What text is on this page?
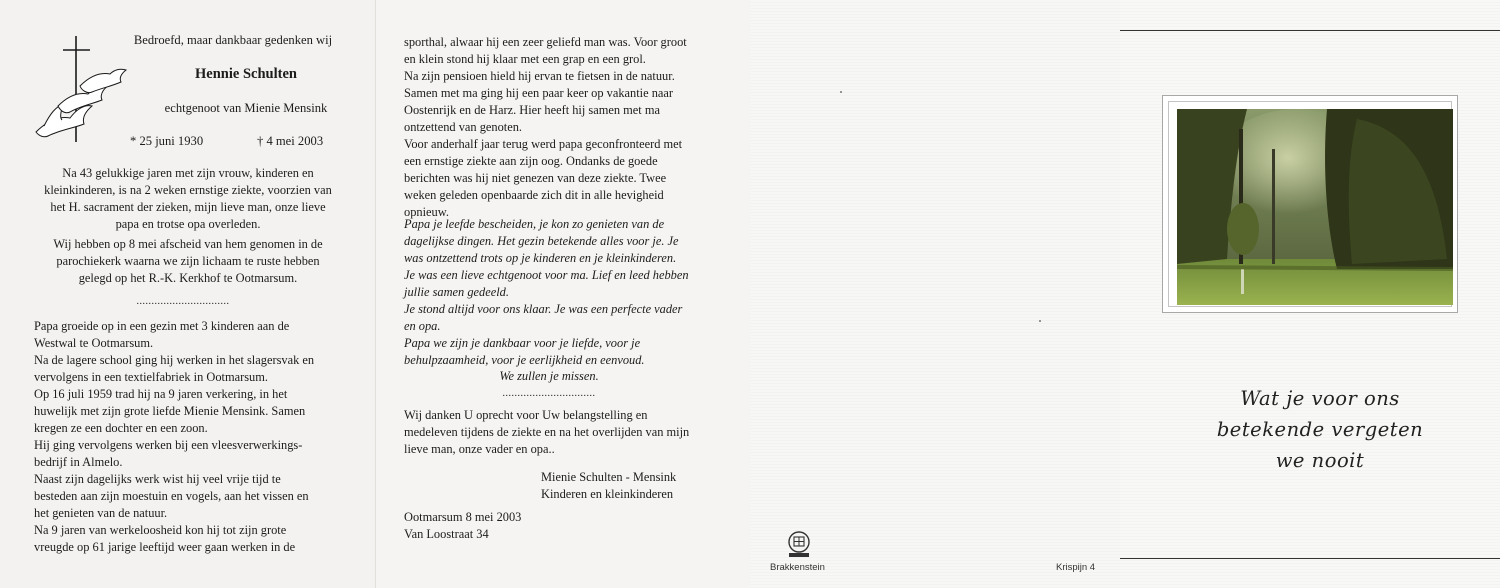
Bedroefd, maar dankbaar gedenken wij
Hennie Schulten
echtgenoot van Mienie Mensink
* 25 juni 1930	† 4 mei 2003

Na 43 gelukkige jaren met zijn vrouw, kinderen en

kleinkinderen, is na 2 weken ernstige ziekte, voorzien van

het H. sacrament der zieken, mijn lieve man, onze lieve

papa en trotse opa overleden.

Wij hebben op 8 mei afscheid van hem genomen in de

parochiekerk waarna we zijn lichaam te ruste hebben

gelegd op het R.-K. Kerkhof te Ootmarsum.

...............................

Papa groeide op in een gezin met 3 kinderen aan de

Westwal te Ootmarsum.

Na de lagere school ging hij werken in het slagersvak en

vervolgens in een textielfabriek in Ootmarsum.

Op 16 juli 1959 trad hij na 9 jaren verkering, in het

huwelijk met zijn grote liefde Mienie Mensink. Samen

kregen ze een dochter en een zoon.

Hij ging vervolgens werken bij een vleesverwerkings-

bedrijf in Almelo.

Naast zijn dagelijks werk wist hij veel vrije tijd te

besteden aan zijn moestuin en vogels, aan het vissen en

het genieten van de natuur.

Na 9 jaren van werkeloosheid kon hij tot zijn grote

vreugde op 61 jarige leeftijd weer gaan werken in de

sporthal, alwaar hij een zeer geliefd man was. Voor groot

en klein stond hij klaar met een grap en een grol.

Na zijn pensioen hield hij ervan te fietsen in de natuur.

Samen met ma ging hij een paar keer op vakantie naar

Oostenrijk en de Harz. Hier heeft hij samen met ma

ontzettend van genoten.

Voor anderhalf jaar terug werd papa geconfronteerd met

een ernstige ziekte aan zijn oog. Ondanks de goede

berichten was hij niet genezen van deze ziekte. Twee

weken geleden openbaarde zich dit in alle hevigheid

opnieuw.

Papa je leefde bescheiden, je kon zo genieten van de

dagelijkse dingen. Het gezin betekende alles voor je. Je

was ontzettend trots op je kinderen en je kleinkinderen.

Je was een lieve echtgenoot voor ma. Lief en leed hebben

jullie samen gedeeld.

Je stond altijd voor ons klaar. Je was een perfecte vader

en opa.

Papa we zijn je dankbaar voor je liefde, voor je

behulpzaamheid, voor je eerlijkheid en eenvoud.

We zullen je missen.
...............................

Wij danken U oprecht voor Uw belangstelling en

medeleven tijdens de ziekte en na het overlijden van mijn

lieve man, onze vader en opa..

Mienie Schulten - Mensink

Kinderen en kleinkinderen

Ootmarsum 8 mei 2003

Van Loostraat 34

Brakkenstein	Krispijn 4
Wat je voor ons
betekende vergeten
we nooit
